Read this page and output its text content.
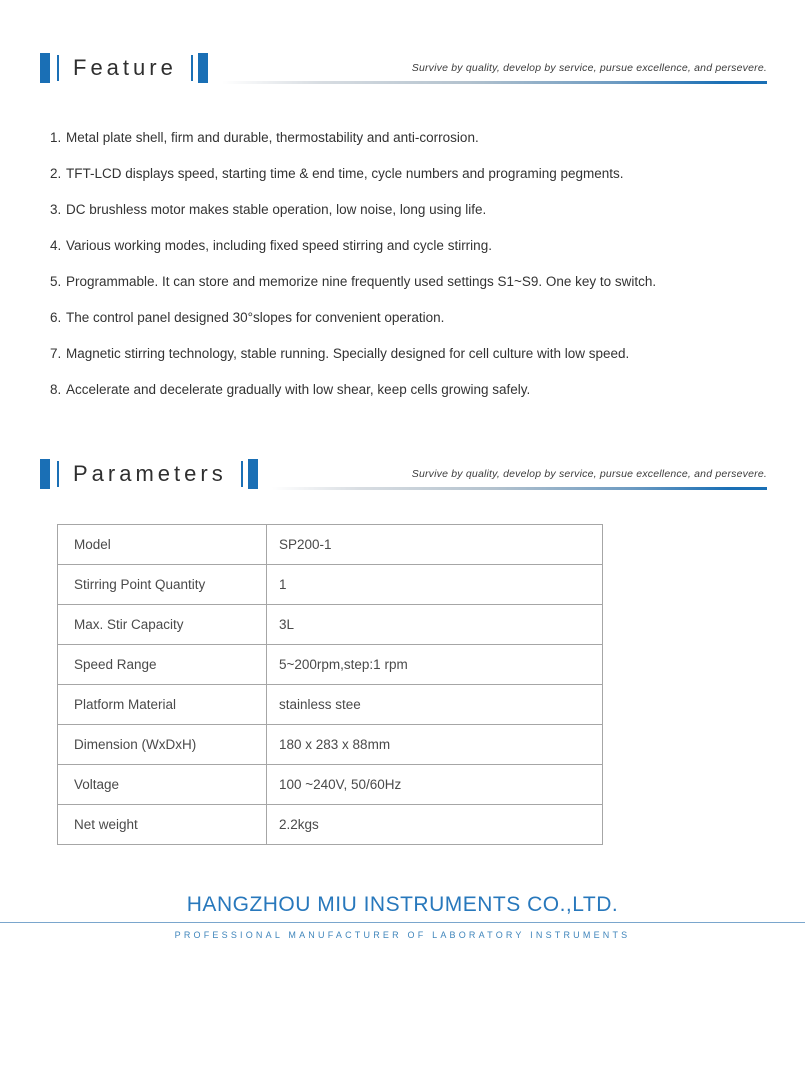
Feature	Survive by quality, develop by service, pursue excellence, and persevere.
1. Metal plate shell, firm and durable, thermostability and anti-corrosion.
2. TFT-LCD displays speed, starting time & end time, cycle numbers and programing pegments.
3. DC brushless motor makes stable operation, low noise, long using life.
4. Various working modes, including fixed speed stirring and cycle stirring.
5. Programmable. It can store and memorize nine frequently used settings S1~S9. One key to switch.
6. The control panel designed 30°slopes for convenient operation.
7. Magnetic stirring technology, stable running. Specially designed for cell culture with low speed.
8. Accelerate and decelerate gradually with low shear, keep cells growing safely.
Parameters	Survive by quality, develop by service, pursue excellence, and persevere.
Model	SP200-1
Stirring Point Quantity	1
Max. Stir Capacity	3L
Speed Range	5~200rpm,step:1 rpm
Platform Material	stainless stee
Dimension (WxDxH)	180 x 283 x 88mm
Voltage	100 ~240V, 50/60Hz
Net weight	2.2kgs
HANGZHOU MIU INSTRUMENTS CO.,LTD.
PROFESSIONAL MANUFACTURER OF LABORATORY INSTRUMENTS
